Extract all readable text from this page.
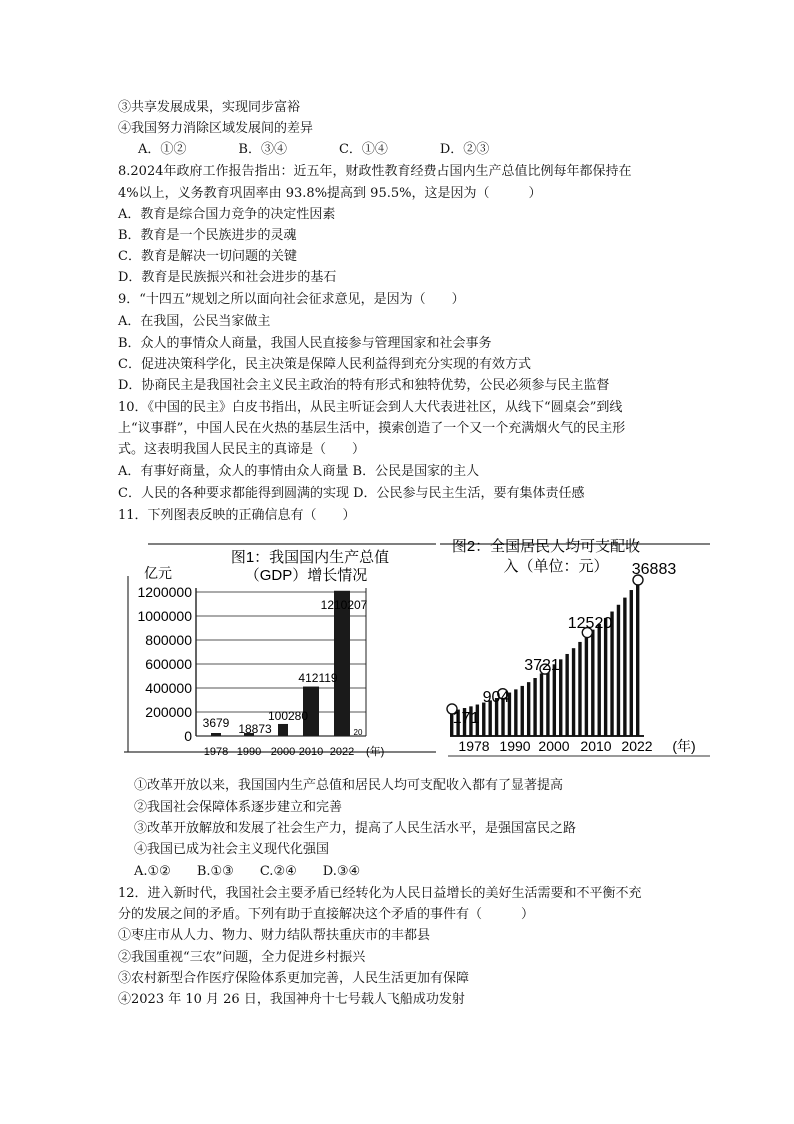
③共享发展成果，实现同步富裕
④我国努力消除区域发展间的差异
A．①②　　　　B．③④　　　　C．①④　　　　D．②③
8.2024年政府工作报告指出：近五年，财政性教育经费占国内生产总值比例每年都保持在
4%以上，义务教育巩固率由 93.8%提高到 95.5%，这是因为（　　　）
A．教育是综合国力竞争的决定性因素
B．教育是一个民族进步的灵魂
C．教育是解决一切问题的关键
D．教育是民族振兴和社会进步的基石
9．“十四五”规划之所以面向社会征求意见，是因为（　　）
A．在我国，公民当家做主
B．众人的事情众人商量，我国人民直接参与管理国家和社会事务
C．促进决策科学化，民主决策是保障人民利益得到充分实现的有效方式
D．协商民主是我国社会主义民主政治的特有形式和独特优势，公民必须参与民主监督
10．《中国的民主》白皮书指出，从民主听证会到人大代表进社区，从线下“圆桌会”到线
上“议事群”，中国人民在火热的基层生活中，摸索创造了一个又一个充满烟火气的民主形
式。这表明我国人民民主的真谛是（　　）
A．有事好商量，众人的事情由众人商量 B．公民是国家的主人
C．人民的各种要求都能得到圆满的实现 D．公民参与民主生活，要有集体责任感
11．下列图表反映的正确信息有（　　）
图1：我国国内生产总值
（GDP）增长情况
亿元
0
200000
400000
600000
800000
1000000
1200000
3679 18873
100280
412119
1210207
1978 1990 2000 2010 2022
20
(年)
图2：全国居民人均可支配收
入（单位：元）
171
904
3721
12520
36883
1978 1990 2000 2010 2022 (年)
①改革开放以来，我国国内生产总值和居民人均可支配收入都有了显著提高
②我国社会保障体系逐步建立和完善
③改革开放解放和发展了社会生产力，提高了人民生活水平，是强国富民之路
④我国已成为社会主义现代化强国
A.①②　　B.①③　　C.②④　　D.③④
12．进入新时代，我国社会主要矛盾已经转化为人民日益增长的美好生活需要和不平衡不充
分的发展之间的矛盾。下列有助于直接解决这个矛盾的事件有（　　　）
①枣庄市从人力、物力、财力结队帮扶重庆市的丰都县
②我国重视“三农”问题，全力促进乡村振兴
③农村新型合作医疗保险体系更加完善，人民生活更加有保障
④2023 年 10 月 26 日，我国神舟十七号载人飞船成功发射
